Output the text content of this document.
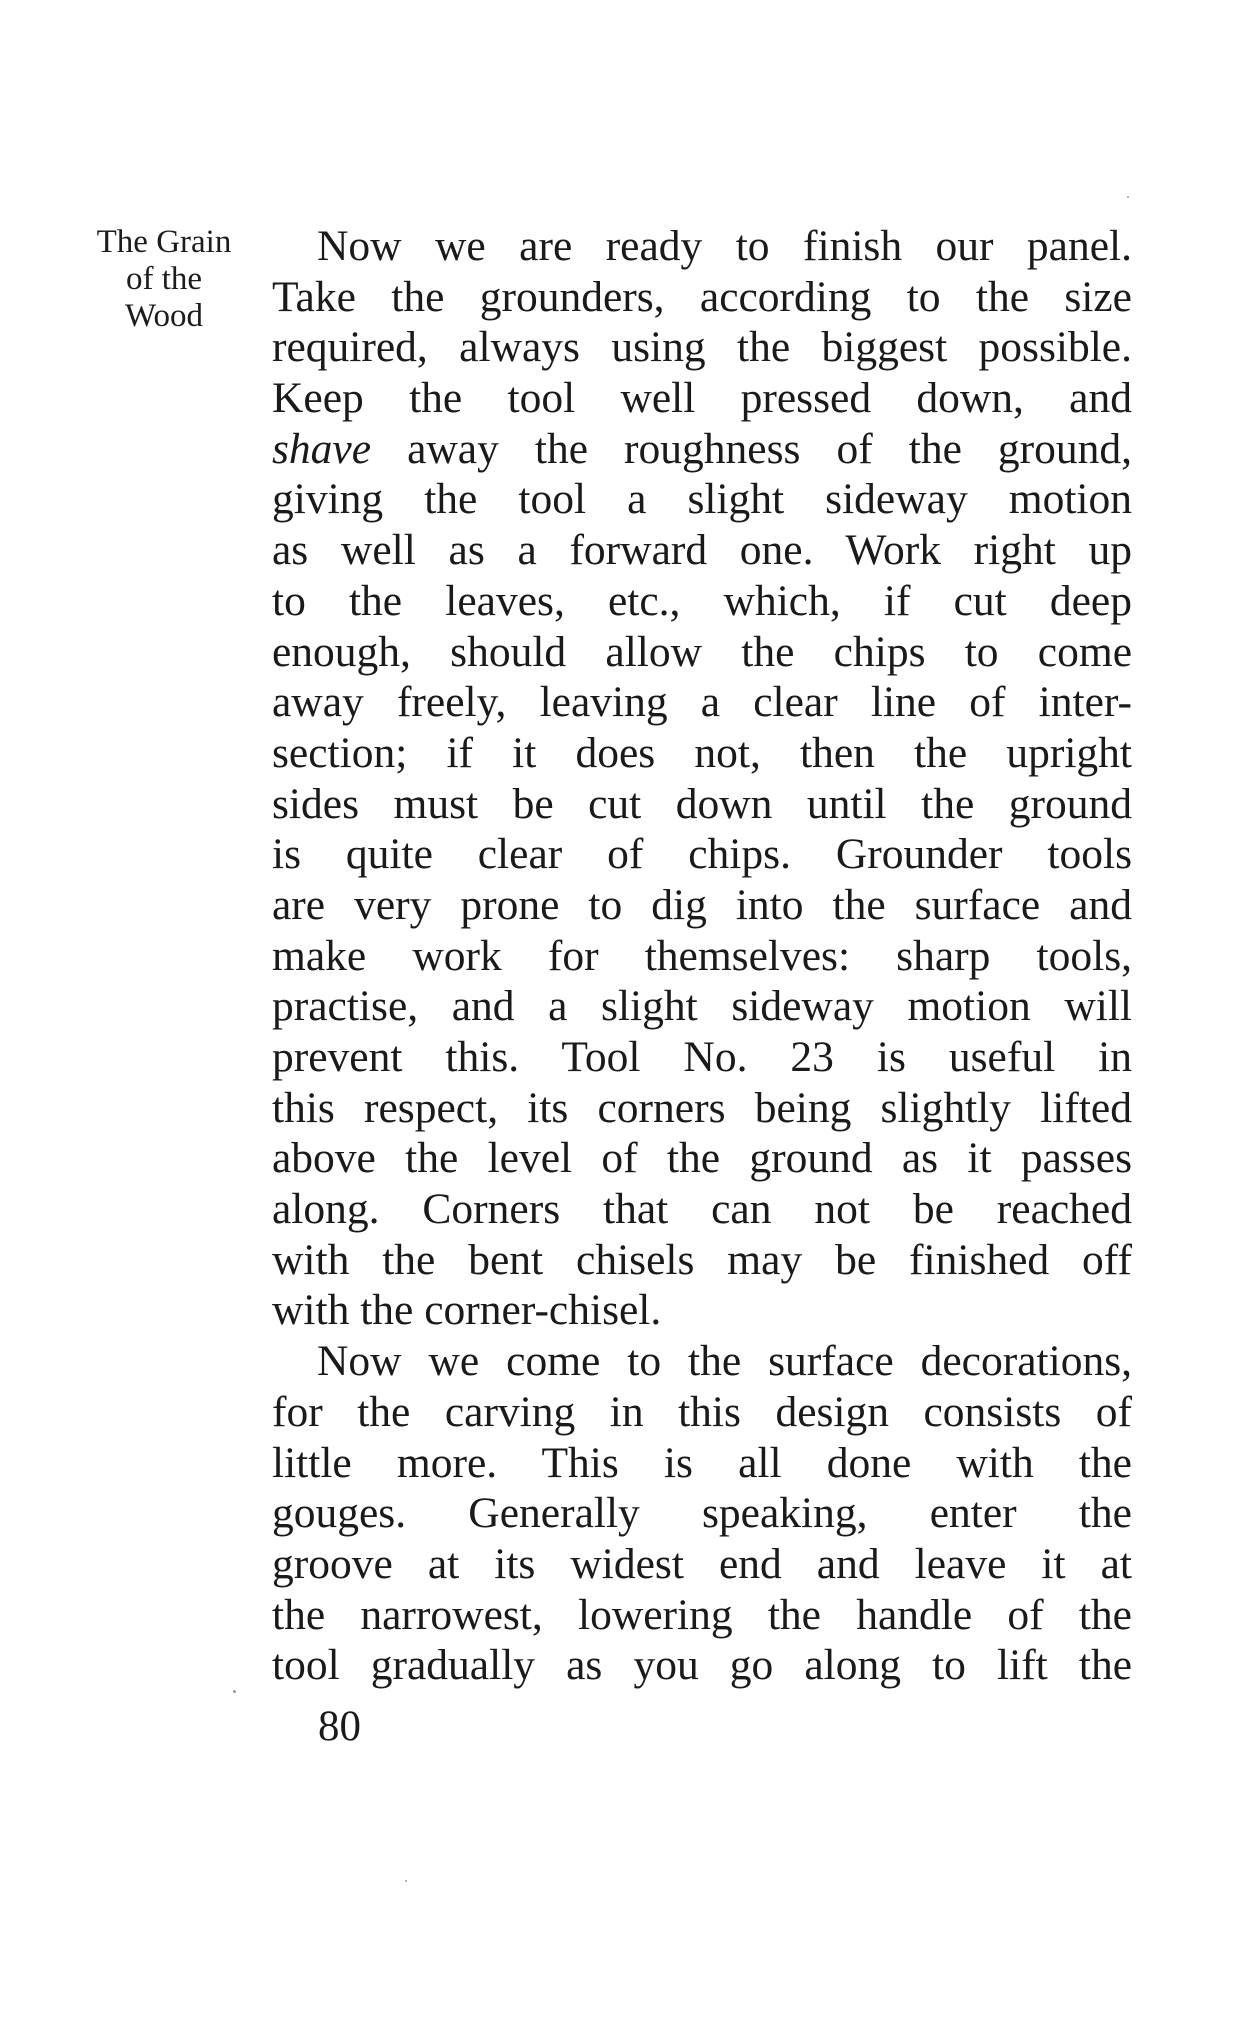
The Grain
of the
Wood
Now we are ready to finish our panel.
Take the grounders, according to the size
required, always using the biggest possible.
Keep the tool well pressed down, and
shave away the roughness of the ground,
giving the tool a slight sideway motion
as well as a forward one. Work right up
to the leaves, etc., which, if cut deep
enough, should allow the chips to come
away freely, leaving a clear line of inter-
section; if it does not, then the upright
sides must be cut down until the ground
is quite clear of chips. Grounder tools
are very prone to dig into the surface and
make work for themselves: sharp tools,
practise, and a slight sideway motion will
prevent this. Tool No. 23 is useful in
this respect, its corners being slightly lifted
above the level of the ground as it passes
along. Corners that can not be reached
with the bent chisels may be finished off
with the corner-chisel.
Now we come to the surface decorations,
for the carving in this design consists of
little more. This is all done with the
gouges. Generally speaking, enter the
groove at its widest end and leave it at
the narrowest, lowering the handle of the
tool gradually as you go along to lift the
80
